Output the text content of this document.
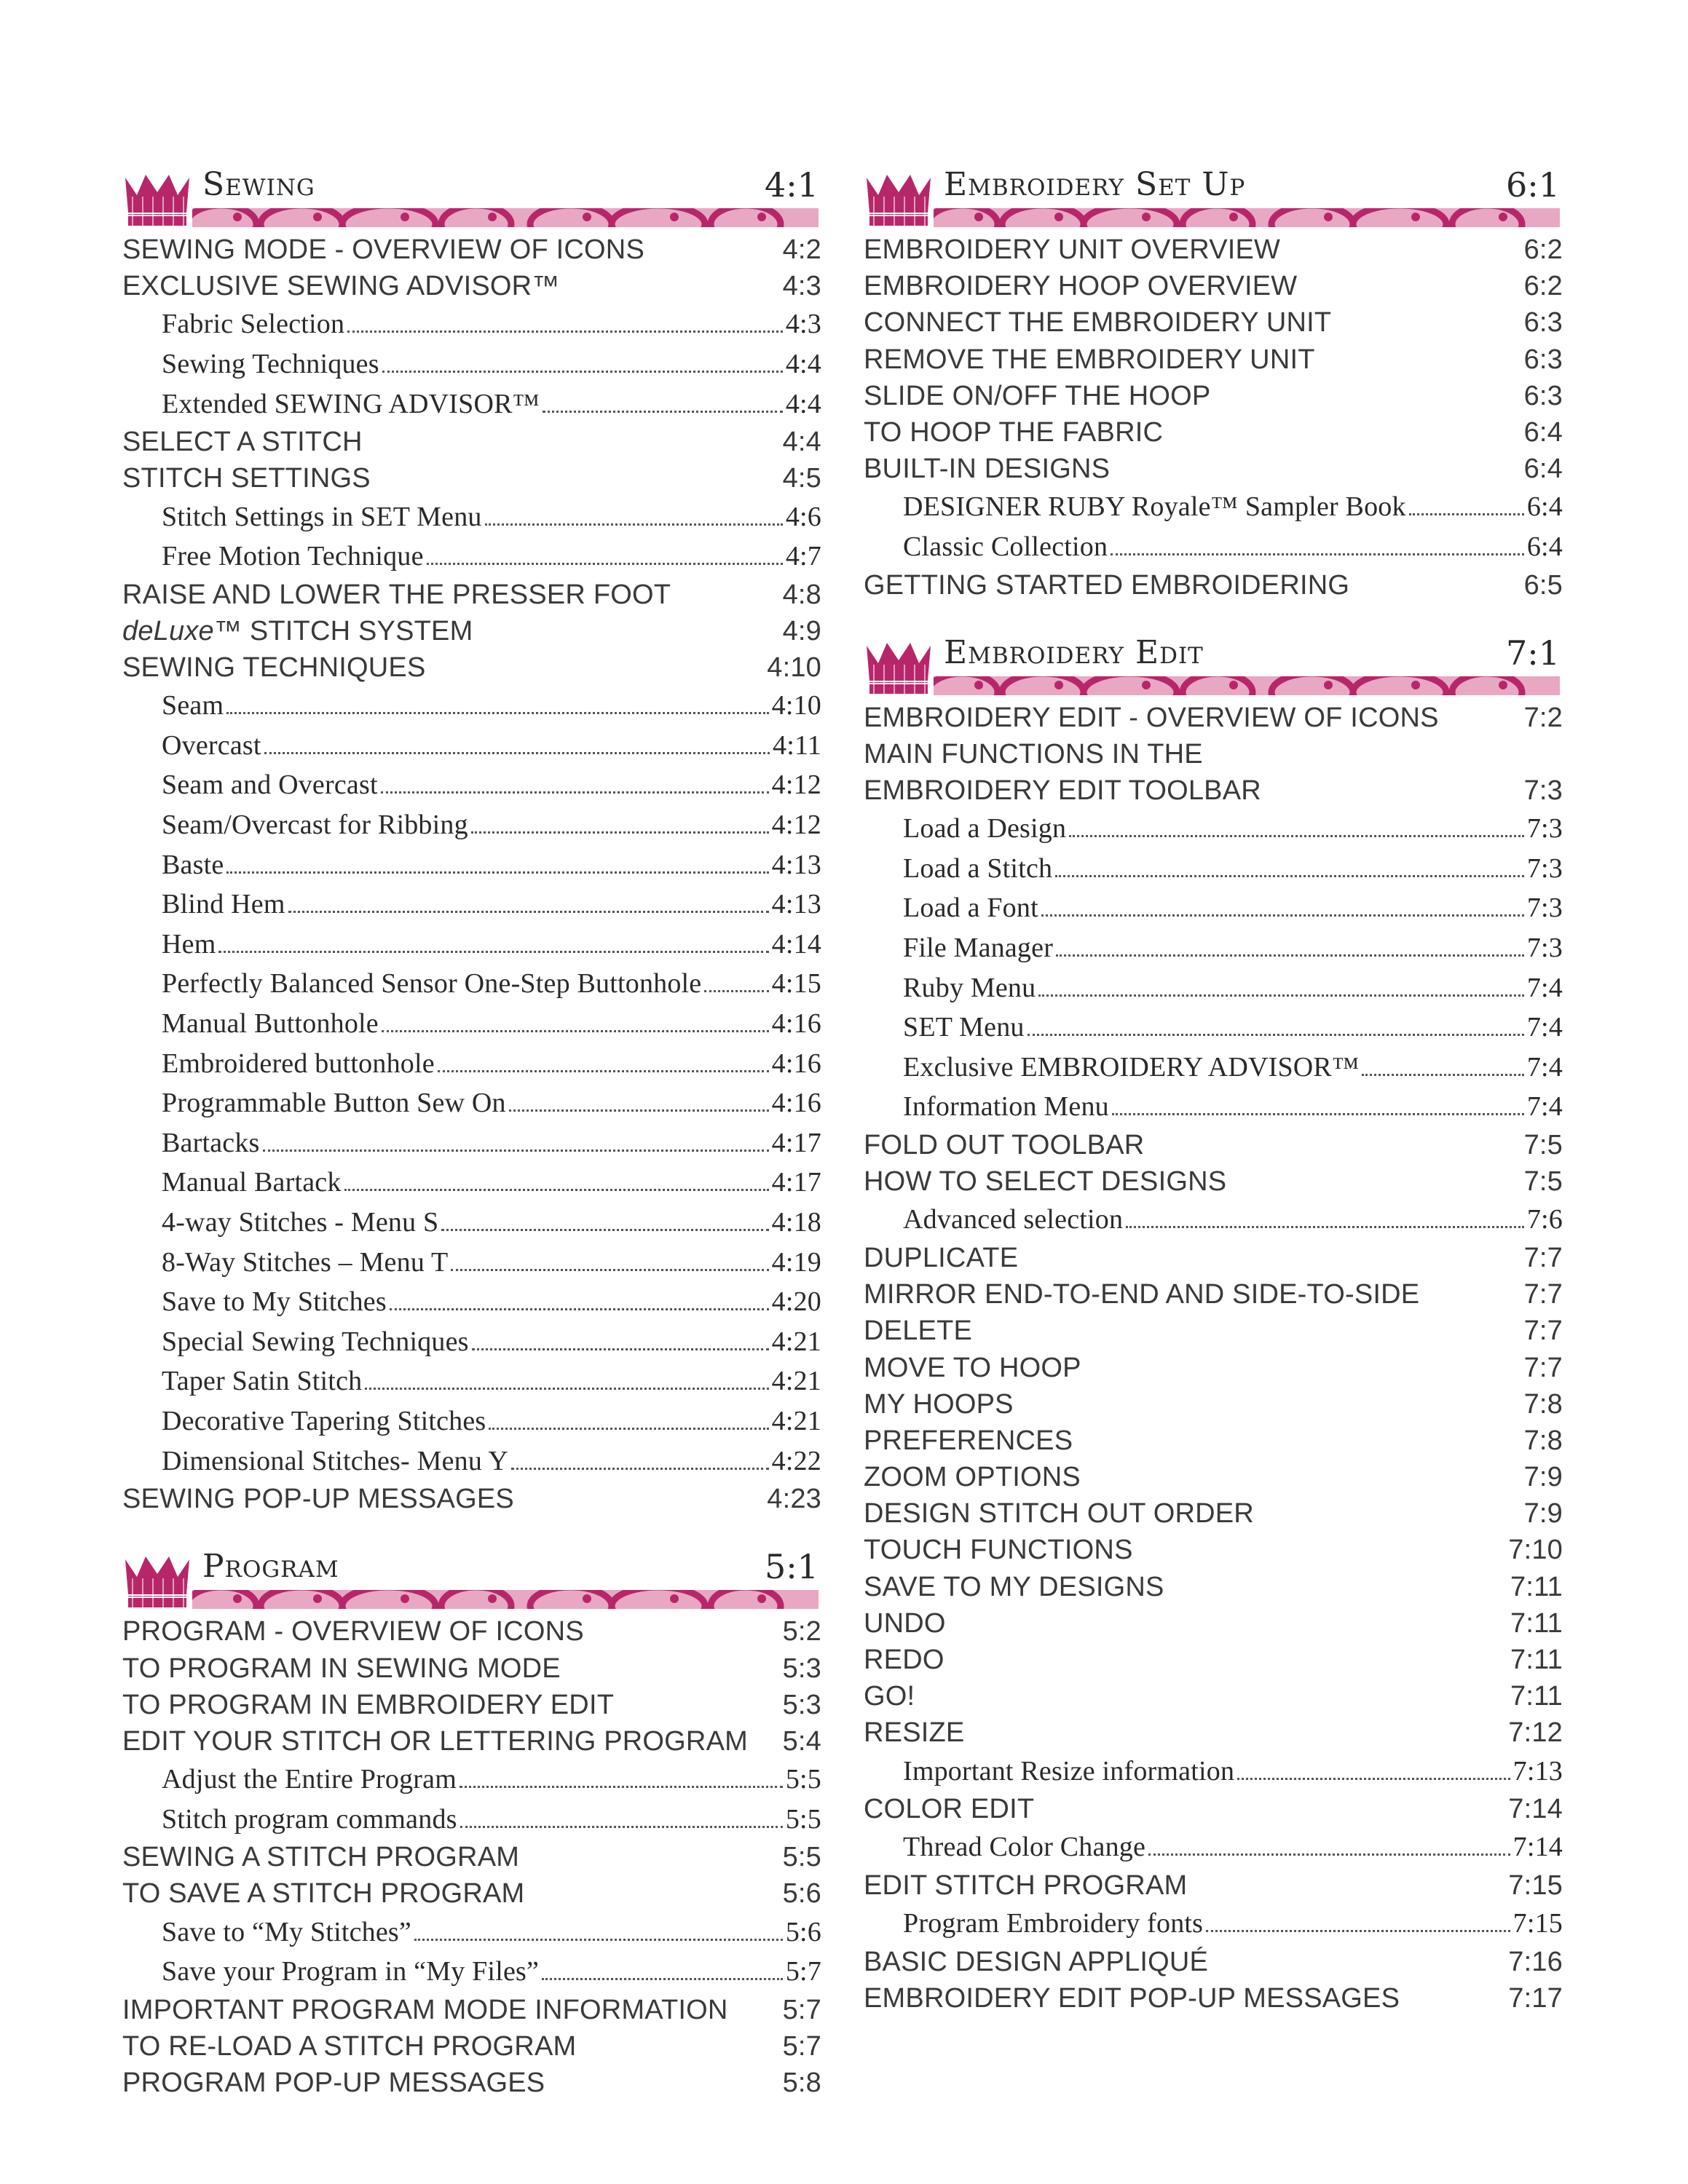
Sewing	4:1
SEWING MODE - OVERVIEW OF ICONS	4:2
EXCLUSIVE SEWING ADVISOR™	4:3
Fabric Selection	4:3
Sewing Techniques	4:4
Extended SEWING ADVISOR™	4:4
SELECT A STITCH	4:4
STITCH SETTINGS	4:5
Stitch Settings in SET Menu	4:6
Free Motion Technique	4:7
RAISE AND LOWER THE PRESSER FOOT	4:8
deLuxe™ STITCH SYSTEM	4:9
SEWING TECHNIQUES	4:10
Seam	4:10
Overcast	4:11
Seam and Overcast	4:12
Seam/Overcast for Ribbing	4:12
Baste	4:13
Blind Hem	4:13
Hem	4:14
Perfectly Balanced Sensor One-Step Buttonhole	4:15
Manual Buttonhole	4:16
Embroidered buttonhole	4:16
Programmable Button Sew On	4:16
Bartacks	4:17
Manual Bartack	4:17
4-way Stitches - Menu S	4:18
8-Way Stitches – Menu T	4:19
Save to My Stitches	4:20
Special Sewing Techniques	4:21
Taper Satin Stitch	4:21
Decorative Tapering Stitches	4:21
Dimensional Stitches- Menu Y	4:22
SEWING POP-UP MESSAGES	4:23
Program	5:1
PROGRAM - OVERVIEW OF ICONS	5:2
TO PROGRAM IN SEWING MODE	5:3
TO PROGRAM IN EMBROIDERY EDIT	5:3
EDIT YOUR STITCH OR LETTERING PROGRAM	5:4
Adjust the Entire Program	5:5
Stitch program commands	5:5
SEWING A STITCH PROGRAM	5:5
TO SAVE A STITCH PROGRAM	5:6
Save to “My Stitches”	5:6
Save your Program in “My Files”	5:7
IMPORTANT PROGRAM MODE INFORMATION	5:7
TO RE-LOAD A STITCH PROGRAM	5:7
PROGRAM POP-UP MESSAGES	5:8
Embroidery Set Up	6:1
EMBROIDERY UNIT OVERVIEW	6:2
EMBROIDERY HOOP OVERVIEW	6:2
CONNECT THE EMBROIDERY UNIT	6:3
REMOVE THE EMBROIDERY UNIT	6:3
SLIDE ON/OFF THE HOOP	6:3
TO HOOP THE FABRIC	6:4
BUILT-IN DESIGNS	6:4
DESIGNER RUBY Royale™ Sampler Book	6:4
Classic Collection	6:4
GETTING STARTED EMBROIDERING	6:5
Embroidery Edit	7:1
EMBROIDERY EDIT - OVERVIEW OF ICONS	7:2
MAIN FUNCTIONS IN THE
EMBROIDERY EDIT TOOLBAR	7:3
Load a Design	7:3
Load a Stitch	7:3
Load a Font	7:3
File Manager	7:3
Ruby Menu	7:4
SET Menu	7:4
Exclusive EMBROIDERY ADVISOR™	7:4
Information Menu	7:4
FOLD OUT TOOLBAR	7:5
HOW TO SELECT DESIGNS	7:5
Advanced selection	7:6
DUPLICATE	7:7
MIRROR END-TO-END AND SIDE-TO-SIDE	7:7
DELETE	7:7
MOVE TO HOOP	7:7
MY HOOPS	7:8
PREFERENCES	7:8
ZOOM OPTIONS	7:9
DESIGN STITCH OUT ORDER	7:9
TOUCH FUNCTIONS	7:10
SAVE TO MY DESIGNS	7:11
UNDO	7:11
REDO	7:11
GO!	7:11
RESIZE	7:12
Important Resize information	7:13
COLOR EDIT	7:14
Thread Color Change	7:14
EDIT STITCH PROGRAM	7:15
Program Embroidery fonts	7:15
BASIC DESIGN APPLIQUÉ	7:16
EMBROIDERY EDIT POP-UP MESSAGES	7:17
